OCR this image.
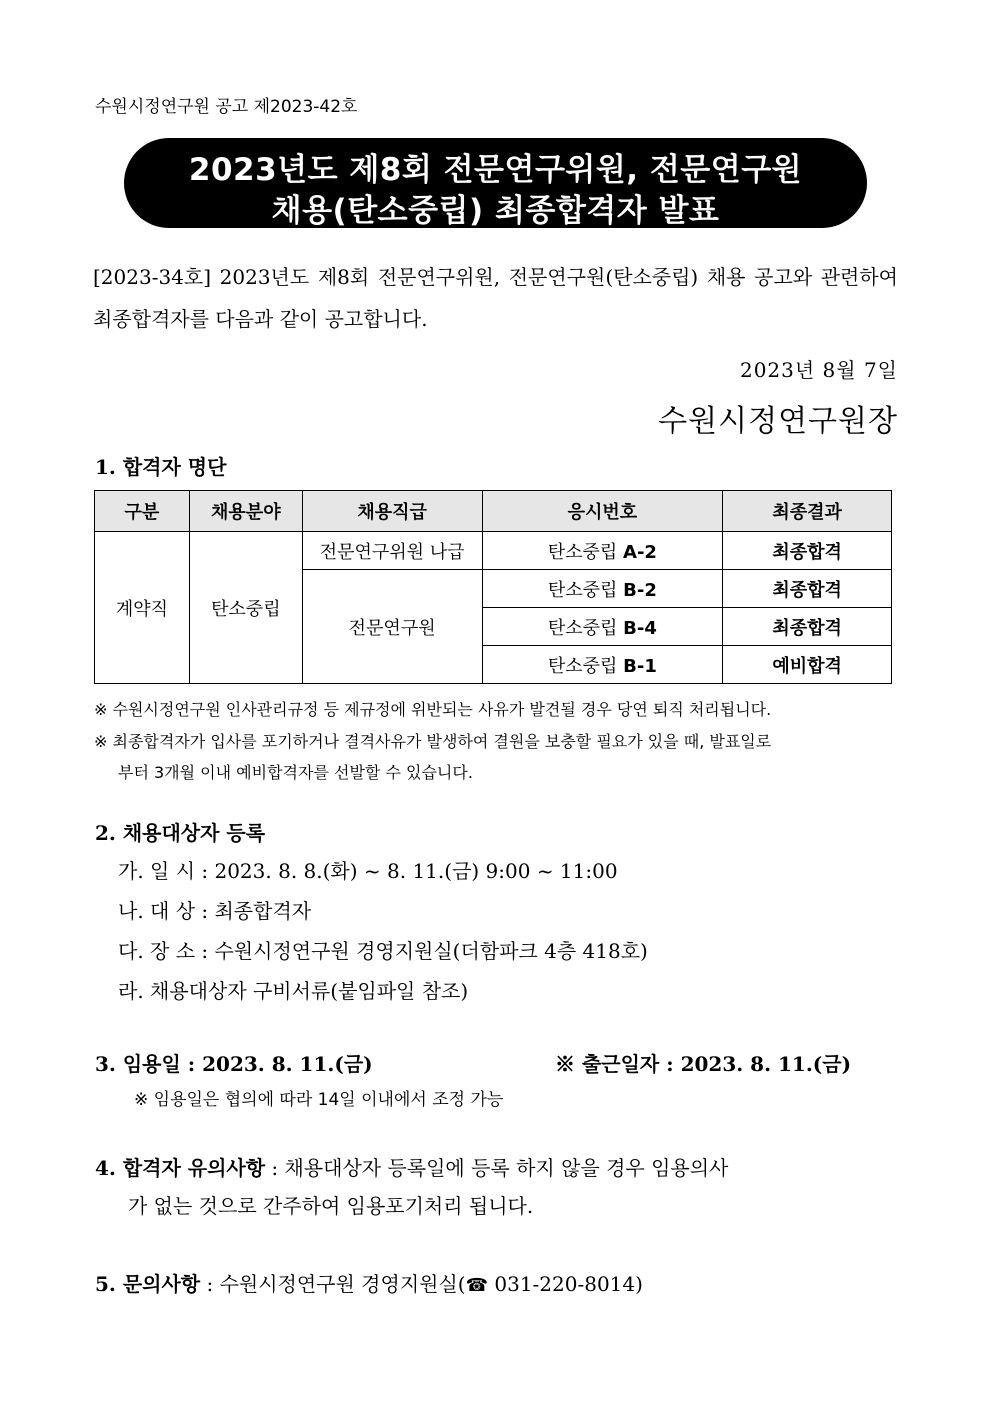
수원시정연구원 공고 제2023-42호
2023년도 제8회 전문연구위원, 전문연구원
채용(탄소중립) 최종합격자 발표
[2023-34호] 2023년도 제8회 전문연구위원, 전문연구원(탄소중립) 채용 공고와 관련하여 최종합격자를 다음과 같이 공고합니다.
2023년 8월 7일
수원시정연구원장
1. 합격자 명단
구분	채용분야	채용직급	응시번호	최종결과
계약직	탄소중립	전문연구위원 나급	탄소중립 A-2	최종합격
		전문연구원	탄소중립 B-2	최종합격
			탄소중립 B-4	최종합격
			탄소중립 B-1	예비합격
※ 수원시정연구원 인사관리규정 등 제규정에 위반되는 사유가 발견될 경우 당연 퇴직 처리됩니다.
※ 최종합격자가 입사를 포기하거나 결격사유가 발생하여 결원을 보충할 필요가 있을 때, 발표일로
부터 3개월 이내 예비합격자를 선발할 수 있습니다.
2. 채용대상자 등록
가. 일 시 : 2023. 8. 8.(화) ~ 8. 11.(금) 9:00 ~ 11:00
나. 대 상 : 최종합격자
다. 장 소 : 수원시정연구원 경영지원실(더함파크 4층 418호)
라. 채용대상자 구비서류(붙임파일 참조)
3. 임용일 : 2023. 8. 11.(금)	※ 출근일자 : 2023. 8. 11.(금)
※ 임용일은 협의에 따라 14일 이내에서 조정 가능
4. 합격자 유의사항 : 채용대상자 등록일에 등록 하지 않을 경우 임용의사
가 없는 것으로 간주하여 임용포기처리 됩니다.
5. 문의사항 : 수원시정연구원 경영지원실(☎ 031-220-8014)
